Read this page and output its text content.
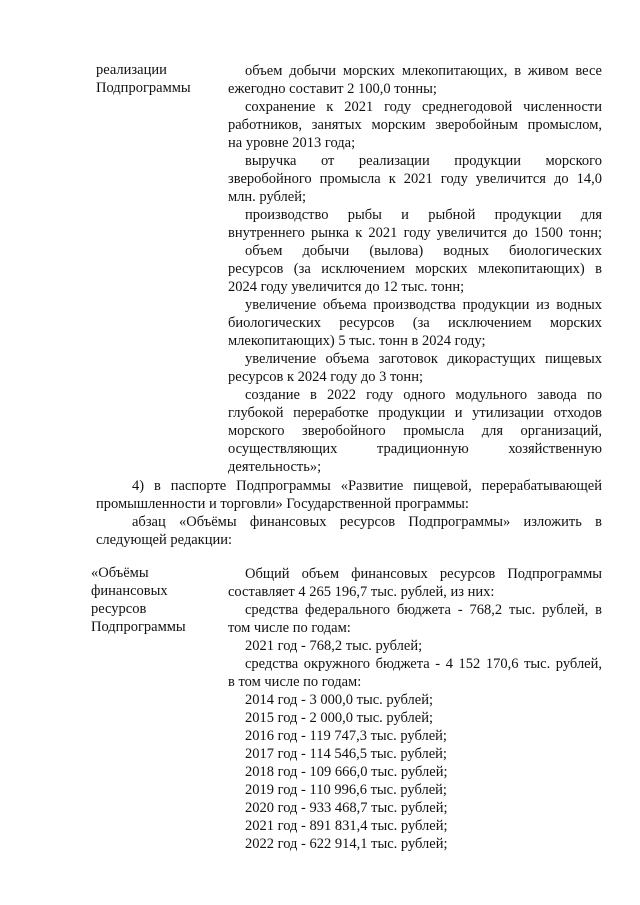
реализации
Подпрограммы
объем добычи морских млекопитающих, в живом весе
ежегодно составит 2 100,0 тонны;
сохранение к 2021 году среднегодовой численности
работников, занятых морским зверобойным промыслом,
на уровне 2013 года;
выручка от реализации продукции морского
зверобойного промысла к 2021 году увеличится до 14,0
млн. рублей;
производство рыбы и рыбной продукции для
внутреннего рынка к 2021 году увеличится до 1500 тонн;
объем добычи (вылова) водных биологических
ресурсов (за исключением морских млекопитающих) в
2024 году увеличится до 12 тыс. тонн;
увеличение объема производства продукции из водных
биологических ресурсов (за исключением морских
млекопитающих) 5 тыс. тонн в 2024 году;
увеличение объема заготовок дикорастущих пищевых
ресурсов к 2024 году до 3 тонн;
создание в 2022 году одного модульного завода по
глубокой переработке продукции и утилизации отходов
морского зверобойного промысла для организаций,
осуществляющих традиционную хозяйственную
деятельность»;
4) в паспорте Подпрограммы «Развитие пищевой, перерабатывающей
промышленности и торговли» Государственной программы:
абзац «Объёмы финансовых ресурсов Подпрограммы» изложить в
следующей редакции:
«Объёмы
финансовых
ресурсов
Подпрограммы
Общий объем финансовых ресурсов Подпрограммы
составляет 4 265 196,7 тыс. рублей, из них:
средства федерального бюджета - 768,2 тыс. рублей, в
том числе по годам:
2021 год - 768,2 тыс. рублей;
средства окружного бюджета - 4 152 170,6 тыс. рублей,
в том числе по годам:
2014 год - 3 000,0 тыс. рублей;
2015 год - 2 000,0 тыс. рублей;
2016 год - 119 747,3 тыс. рублей;
2017 год - 114 546,5 тыс. рублей;
2018 год - 109 666,0 тыс. рублей;
2019 год - 110 996,6 тыс. рублей;
2020 год - 933 468,7 тыс. рублей;
2021 год - 891 831,4 тыс. рублей;
2022 год - 622 914,1 тыс. рублей;
